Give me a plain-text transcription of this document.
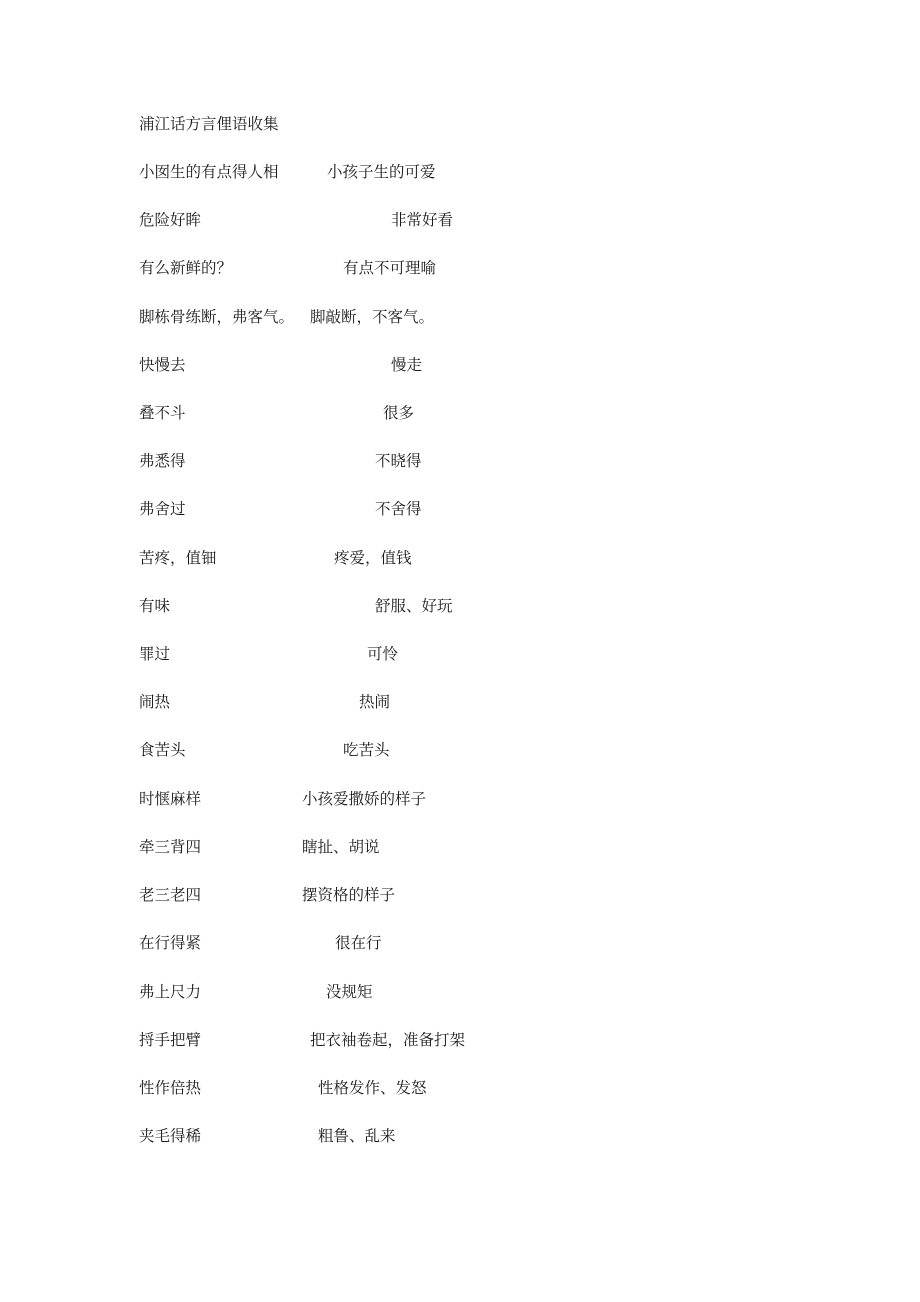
浦江话方言俚语收集
小囡生的有点得人相	小孩子生的可爱
危险好眸	非常好看
有么新鲜的？	有点不可理喻
脚栋骨练断，弗客气。 脚敲断，不客气。
快慢去	慢走
叠不斗	很多
弗悉得	不晓得
弗舍过	不舍得
苦疼，值钿	疼爱，值钱
有味	舒服、好玩
罪过	可怜
闹热	热闹
食苦头	吃苦头
时惬麻样	小孩爱撒娇的样子
牵三背四	瞎扯、胡说
老三老四	摆资格的样子
在行得紧	很在行
弗上尺力	没规矩
捋手把臂	把衣袖卷起，准备打架
性作倍热	性格发作、发怒
夹毛得稀	粗鲁、乱来
